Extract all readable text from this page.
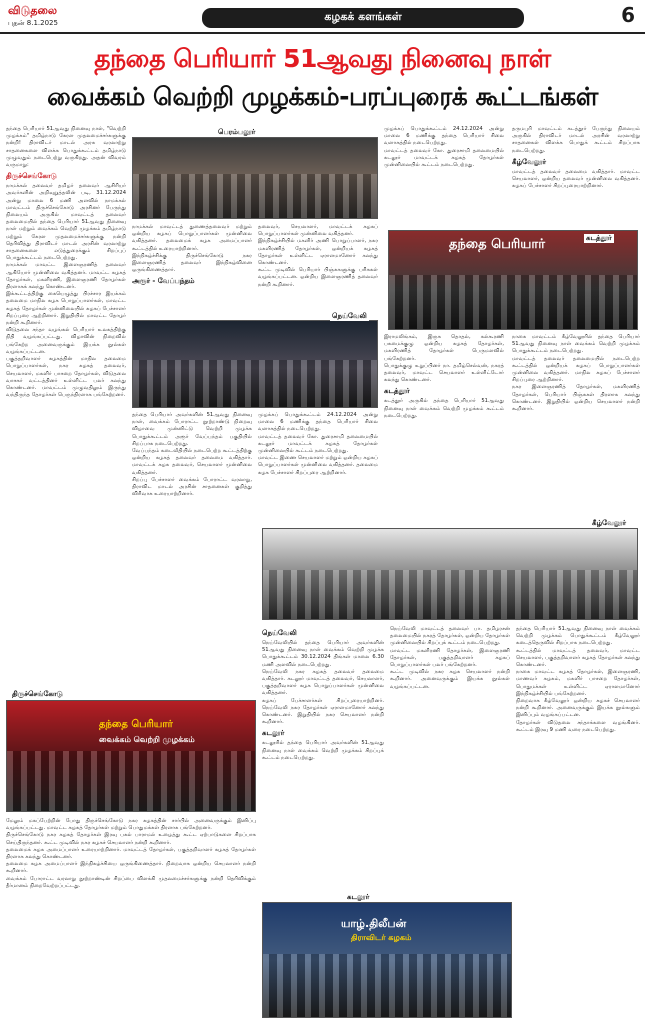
விடுதலை
புதன் 8.1.2025	கழகக் களங்கள்	6
தந்தை பெரியார் 51ஆவது நினைவு நாள்
வைக்கம் வெற்றி முழக்கம்-பரப்புரைக் கூட்டங்கள்

தந்தை பெரியார் 51ஆவது நினைவு நாள், "வெற்றி முழக்கம்" தமிழ்நாடு கேரள முதலமைச்சர்களுக்கு நன்றி! திராவிடர் மாடல் அரசு வரலாற்று சாதனைகளை விளக்க பொதுக்கூட்டம் தமிழ்நாடு முழுவதும் நடைபெற்று வருகிறது. அதன் விவரம் வருமாறு:

திருச்செங்கோடு

நாமக்கல் தலைவர் தமிழர் தலைவர் ஆசிரியர் அவர்களின் அறிவுறுத்தலின் படி, 31.12.2024 அன்று மாலை 6 மணி அளவில் நாமக்கல் மாவட்டம் திருச்செங்கோடு அரசினர் பேருந்து நிலையம் அருகில் மாவட்டத் தலைவர் தலைமையில் தந்தை பெரியார் 51ஆவது நினைவு நாள் மற்றும் வைக்கம் வெற்றி முழக்கம் தமிழ்நாடு மற்றும் கேரள முதலமைச்சர்களுக்கு நன்றி தெரிவித்து திராவிடர் மாடல் அரசின் வரலாற்று சாதனைகளை எடுத்துரைக்கும் சிறப்புப் பொதுக்கூட்டம் நடைபெற்றது.

நாமக்கல் மாவட்ட இளைஞரணித் தலைவர் ஆகியோர் முன்னிலை வகித்தனர். மாவட்ட கழகத் தோழர்கள், மகளிரணி, இளைஞரணி தோழர்கள் திரளாகக் கலந்து கொண்டனர்.

இக்கூட்டத்திற்கு கையெழுத்து பிரச்சார இயக்கம் தலைமை மாநில கழக பொறுப்பாளர்கள், மாவட்ட கழகத் தோழர்கள் முன்னிலையில் கழகப் பேச்சாளர் சிறப்புரை ஆற்றினார். இறுதியில் மாவட்ட தோழர் நன்றி கூறினார்.

விடுதலை சந்தா வழங்கல் பெரியார் உலகத்திற்கு நிதி வழங்கப்பட்டது. விழாவின் நிறைவில் பங்கேற்ற அனைவருக்கும் இயக்க நூல்கள் வழங்கப்பட்டன.

பகுத்தறிவாளர் கழகத்தின் மாநில தலைமை பொறுப்பாளர்கள், நகர கழகத் தலைவர், செயலாளர், மகளிர் பாசறை தோழர்கள், விடுதலை வாசகர் வட்டத்தினர் உள்ளிட்ட பலர் கலந்து கொண்டனர். மாவட்டம் முழுவதிலும் இருந்து வந்திருந்த தோழர்கள் பெருந்திரளாக பங்கேற்றனர்.

மேலும் மகப்பேற்றின் போது திருச்செங்கோடு நகர கழகத்தின் சார்பில் அனைவருக்கும் இனிப்பு வழங்கப்பட்டது. மாவட்ட கழகத் தோழர்கள் மற்றும் பொதுமக்கள் திரளாக பங்கேற்றனர்.

திருச்செங்கோடு நகர கழகத் தோழர்கள் இரவு பகல் பாராமல் உழைத்து கூட்ட ஏற்பாடுகளை சிறப்பாக செய்திருந்தனர். கூட்ட முடிவில் நகர கழகச் செயலாளர் நன்றி கூறினார்.

தலைமைக் கழக அமைப்பாளர் உரையாற்றினார். மாவட்டத் தோழர்கள், பகுத்தறிவாளர் கழகத் தோழர்கள் திரளாக கலந்து கொண்டனர்.

தலைமை கழக அமைப்பாளர் இந்நிகழ்ச்சியை ஒருங்கிணைத்தார். நிறைவாக ஒன்றிய செயலாளர் நன்றி கூறினார்.

வைக்கம் போராட்ட வரலாறு நூற்றாண்டின் சிறப்பை விளக்கி முதலமைச்சர்களுக்கு நன்றி தெரிவிக்கும் தீர்மானம் நிறைவேற்றப்பட்டது.

பெரம்பலூர்

நாமக்கல் மாவட்டத் துணைத்தலைவர் மற்றும் ஒன்றிய கழகப் பொறுப்பாளர்கள் முன்னிலை வகித்தனர். தலைமைக் கழக அமைப்பாளர் கூட்டத்தில் உரையாற்றினார்.

இந்நிகழ்ச்சிக்கு திருச்செங்கோடு நகர இளைஞரணித் தலைவர் இந்நிகழ்வினை ஒருங்கிணைத்தார்.

அரூர் - வேப்பந்தம்

தலைவர், செயலாளர், மாவட்டக் கழகப் பொறுப்பாளர்கள் முன்னிலை வகித்தனர்.

இந்நிகழ்ச்சியில் மகளிர் அணி பொறுப்பாளர், நகர மகளிரணித் தோழர்கள், ஒன்றியக் கழகத் தோழர்கள் உள்ளிட்ட ஏராளமானோர் கலந்து கொண்டனர்.

கூட்ட முடிவில் பெரியார் பிஞ்சுகளுக்கு பரிசுகள் வழங்கப்பட்டன. ஒன்றிய இளைஞரணித் தலைவர் நன்றி கூறினார்.

நெய்வேலி

தந்தை பெரியார் அவர்களின் 51ஆவது நினைவு நாள், வைக்கம் போராட்ட நூற்றாண்டு நிறைவு விழாவை முன்னிட்டு வெற்றி முழக்க பொதுக்கூட்டம் அரூர் வேப்பந்தம் பகுதியில் சிறப்பாக நடைபெற்றது.

வேப்பந்தம் கடைவீதியில் நடைபெற்ற கூட்டத்திற்கு ஒன்றிய கழகத் தலைவர் தலைமை வகித்தார். மாவட்டக் கழக தலைவர், செயலாளர் முன்னிலை வகித்தனர்.

சிறப்பு பேச்சாளர் வைக்கம் போராட்ட வரலாறு, திராவிட மாடல் அரசின் சாதனைகள் குறித்து விரிவாக உரையாற்றினார்.

முழக்கப் பொதுக்கூட்டம் 24.12.2024 அன்று மாலை 6 மணிக்கு தந்தை பெரியார் சிலை வளாகத்தில் நடைபெற்றது.

மாவட்டத் தலைவர் கோ. துரைசாமி தலைமையில் கடலூர் மாவட்டக் கழகத் தோழர்கள் முன்னிலையில் கூட்டம் நடைபெற்றது.

மாவட்ட இணை செயலாளர் மற்றும் ஒன்றிய கழகப் பொறுப்பாளர்கள் முன்னிலை வகித்தனர். தலைமை கழக பேச்சாளர் சிறப்புரை ஆற்றினார்.

முழக்கப் பொதுக்கூட்டம் 24.12.2024 அன்று மாலை 6 மணிக்கு தந்தை பெரியார் சிலை வளாகத்தில் நடைபெற்றது.

மாவட்டத் தலைவர் கோ. துரைசாமி தலைமையில் கடலூர் மாவட்டக் கழகத் தோழர்கள் முன்னிலையில் கூட்டம் நடைபெற்றது.

தந்தை பெரியார்	கடத்தூர்

இராமலிங்கம், இருசு தொதல், கல்கூரணி பசுமைக்குழு ஒன்றிய கழகத் தோழர்கள், மகளிரணித் தோழர்கள் பெருமளவில் பங்கேற்றனர்.

பொதுக்குழு உறுப்பினர் நா. தமிழ்செல்வன், நகரத் தலைவர், மாவட்ட செயலாளர் உள்ளிட்டோர் கலந்து கொண்டனர்.

கடத்தூர்

கடத்தூர் அருகில் தந்தை பெரியார் 51ஆவது நினைவு நாள் வைக்கம் வெற்றி முழக்கம் கூட்டம் நடைபெற்றது.

தருமபுரி மாவட்டம் கடத்தூர் பேருந்து நிலையம் அருகில் திராவிடர் மாடல் அரசின் வரலாற்று சாதனைகள் விளக்க பொதுக் கூட்டம் சிறப்பாக நடைபெற்றது.

கீழ்வேலூர்

மாவட்டத் தலைவர் தலைமை வகித்தார். மாவட்ட செயலாளர், ஒன்றிய தலைவர் முன்னிலை வகித்தனர். கழகப் பேச்சாளர் சிறப்புரையாற்றினார்.

நாகை மாவட்டம் கீழ்வேலூரில் தந்தை பெரியார் 51ஆவது நினைவு நாள் வைக்கம் வெற்றி முழக்கம் பொதுக்கூட்டம் நடைபெற்றது.

மாவட்டத் தலைவர் தலைமையில் நடைபெற்ற கூட்டத்தில் ஒன்றியக் கழகப் பொறுப்பாளர்கள் முன்னிலை வகித்தனர். மாநில கழகப் பேச்சாளர் சிறப்புரை ஆற்றினார்.

நகர இளைஞரணித் தோழர்கள், மகளிரணித் தோழர்கள், பெரியார் பிஞ்சுகள் திரளாக கலந்து கொண்டனர். இறுதியில் ஒன்றிய செயலாளர் நன்றி கூறினார்.

கீழ்வேலூர்
தந்தை பெரியார்
வைக்கம் வெற்றி முழக்கம்
திருச்செங்கோடு
நெய்வேலி

நெய்வேலியில் தந்தை பெரியார் அவர்களின் 51ஆவது நினைவு நாள் வைக்கம் வெற்றி முழக்க பொதுக்கூட்டம் 30.12.2024 திங்கள் மாலை 6.30 மணி அளவில் நடைபெற்றது.

நெய்வேலி நகர கழகத் தலைவர் தலைமை வகித்தார். கடலூர் மாவட்டத் தலைவர், செயலாளர், பகுத்தறிவாளர் கழக பொறுப்பாளர்கள் முன்னிலை வகித்தனர்.

கழகப் பேச்சாளர்கள் சிறப்புரையாற்றினர். நெய்வேலி நகர தோழர்கள் ஏராளமானோர் கலந்து கொண்டனர். இறுதியில் நகர செயலாளர் நன்றி கூறினார்.

கடலூர்

கடலூரில் தந்தை பெரியார் அவர்களின் 51ஆவது நினைவு நாள் வைக்கம் வெற்றி முழக்கம் சிறப்புக் கூட்டம் நடைபெற்றது.

நெய்வேலி மாவட்டத் தலைவர் பா. தமிழரசன் தலைமையில் நகரத் தோழர்கள், ஒன்றிய தோழர்கள் முன்னிலையில் சிறப்புக் கூட்டம் நடைபெற்றது.

மாவட்ட மகளிரணி தோழர்கள், இளைஞரணி தோழர்கள், பகுத்தறிவாளர் கழகப் பொறுப்பாளர்கள் பலர் பங்கேற்றனர்.

கூட்ட முடிவில் நகர கழக செயலாளர் நன்றி கூறினார். அனைவருக்கும் இயக்க நூல்கள் வழங்கப்பட்டன.

தந்தை பெரியார் 51ஆவது நினைவு நாள் வைக்கம் வெற்றி முழக்கம் பொதுக்கூட்டம் கீழ்வேலூர் கடைத்தெருவில் சிறப்பாக நடைபெற்றது.

கூட்டத்தில் மாவட்டத் தலைவர், மாவட்ட செயலாளர், பகுத்தறிவாளர் கழகத் தோழர்கள் கலந்து கொண்டனர்.

நாகை மாவட்ட கழகத் தோழர்கள், இளைஞரணி, மாணவர் கழகம், மகளிர் பாசறை தோழர்கள், பொதுமக்கள் உள்ளிட்ட ஏராளமானோர் இந்நிகழ்ச்சியில் பங்கேற்றனர்.

நிறைவாக கீழ்வேலூர் ஒன்றிய கழகச் செயலாளர் நன்றி கூறினார். அனைவருக்கும் இயக்க நூல்களும் இனிப்பும் வழங்கப்பட்டன.

தோழர்கள் விடுதலை சந்தாக்களை வழங்கினர். கூட்டம் இரவு 9 மணி வரை நடைபெற்றது.

யாழ்.திலீபன்
திராவிடர் கழகம்
கடலூர்
